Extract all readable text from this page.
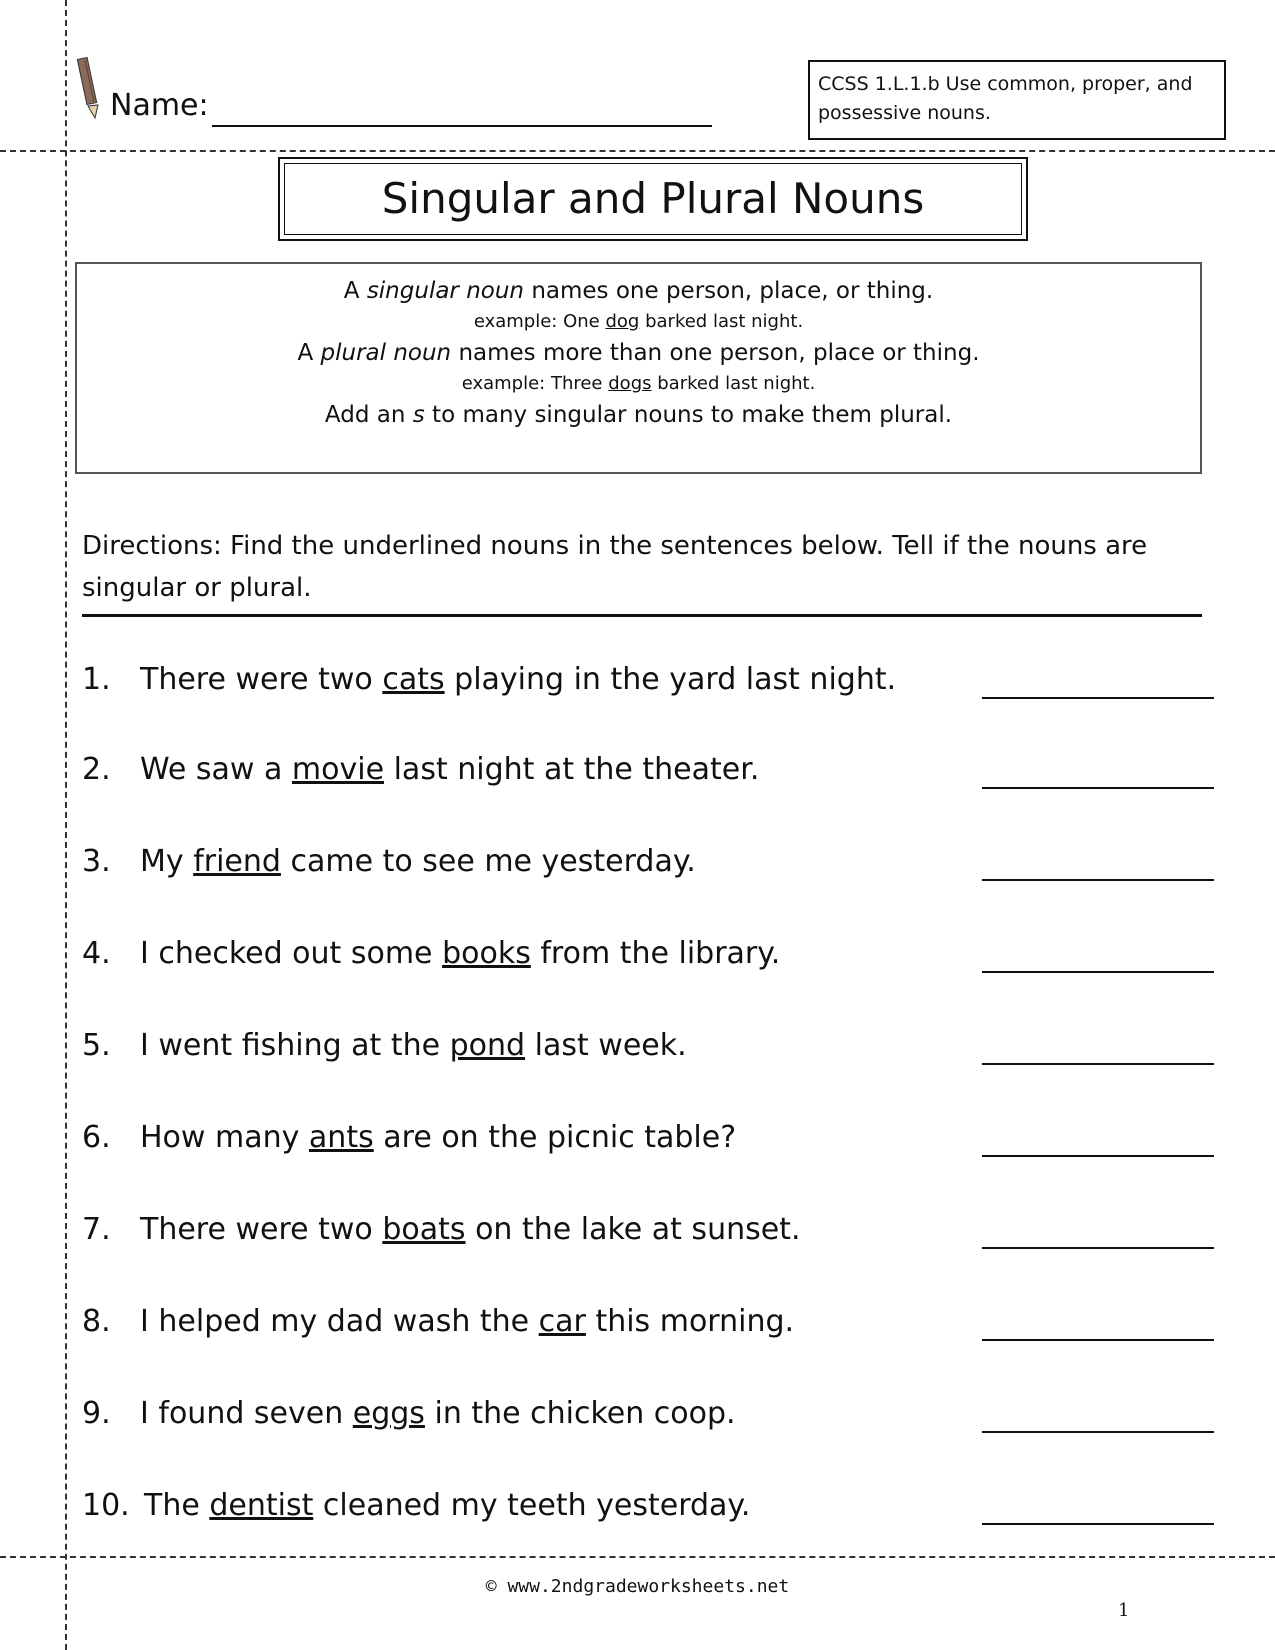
Name:
CCSS 1.L.1.b Use common, proper, and possessive nouns.
Singular and Plural Nouns
A singular noun names one person, place, or thing.
example: One dog barked last night.
A plural noun names more than one person, place or thing.
example: Three dogs barked last night.
Add an s to many singular nouns to make them plural.
Directions: Find the underlined nouns in the sentences below. Tell if the nouns are singular or plural.
1. There were two cats playing in the yard last night.
2. We saw a movie last night at the theater.
3. My friend came to see me yesterday.
4. I checked out some books from the library.
5. I went fishing at the pond last week.
6. How many ants are on the picnic table?
7. There were two boats on the lake at sunset.
8. I helped my dad wash the car this morning.
9. I found seven eggs in the chicken coop.
10. The dentist cleaned my teeth yesterday.
© www.2ndgradeworksheets.net
1
